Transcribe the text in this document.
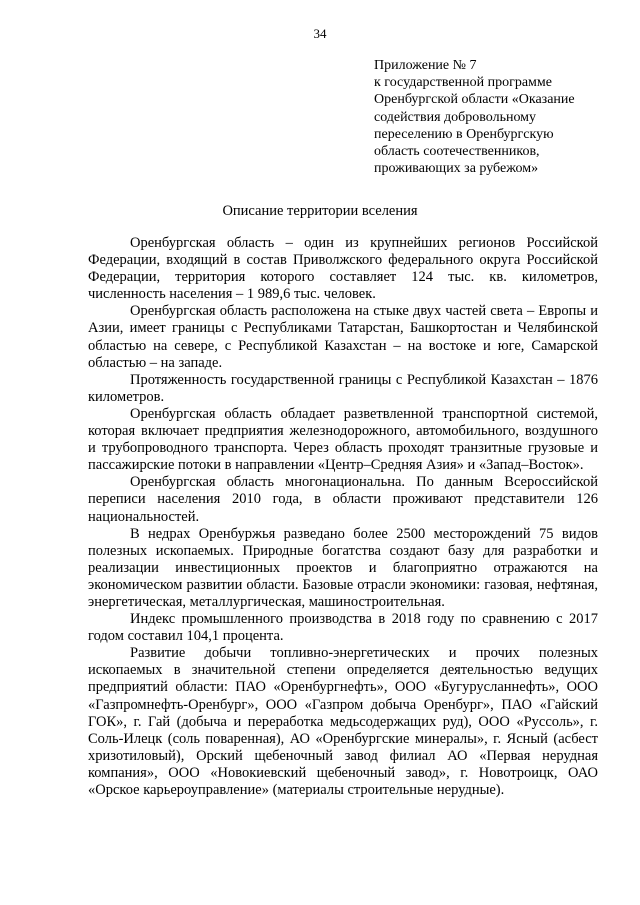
34
Приложение № 7
к государственной программе
Оренбургской области «Оказание
содействия добровольному
переселению в Оренбургскую
область соотечественников,
проживающих за рубежом»
Описание территории вселения

Оренбургская область – один из крупнейших регионов Российской Федерации, входящий в состав Приволжского федерального округа Российской Федерации, территория которого составляет 124 тыс. кв. километров, численность населения – 1 989,6 тыс. человек.

Оренбургская область расположена на стыке двух частей света – Европы и Азии, имеет границы с Республиками Татарстан, Башкортостан и Челябинской областью на севере, с Республикой Казахстан – на востоке и юге, Самарской областью – на западе.

Протяженность государственной границы с Республикой Казахстан – 1876 километров.

Оренбургская область обладает разветвленной транспортной системой, которая включает предприятия железнодорожного, автомобильного, воздушного и трубопроводного транспорта. Через область проходят транзитные грузовые и пассажирские потоки в направлении «Центр–Средняя Азия» и «Запад–Восток».

Оренбургская область многонациональна. По данным Всероссийской переписи населения 2010 года, в области проживают представители 126 национальностей.

В недрах Оренбуржья разведано более 2500 месторождений 75 видов полезных ископаемых. Природные богатства создают базу для разработки и реализации инвестиционных проектов и благоприятно отражаются на экономическом развитии области. Базовые отрасли экономики: газовая, нефтяная, энергетическая, металлургическая, машиностроительная.

Индекс промышленного производства в 2018 году по сравнению с 2017 годом составил 104,1 процента.

Развитие добычи топливно-энергетических и прочих полезных ископаемых в значительной степени определяется деятельностью ведущих предприятий области: ПАО «Оренбургнефть», ООО «Бугурусланнефть», ООО «Газпромнефть-Оренбург», ООО «Газпром добыча Оренбург», ПАО «Гайский ГОК», г. Гай (добыча и переработка медьсодержащих руд), ООО «Руссоль», г. Соль-Илецк (соль поваренная), АО «Оренбургские минералы», г. Ясный (асбест хризотиловый), Орский щебеночный завод филиал АО «Первая нерудная компания», ООО «Новокиевский щебеночный завод», г. Новотроицк, ОАО «Орское карьероуправление» (материалы строительные нерудные).
